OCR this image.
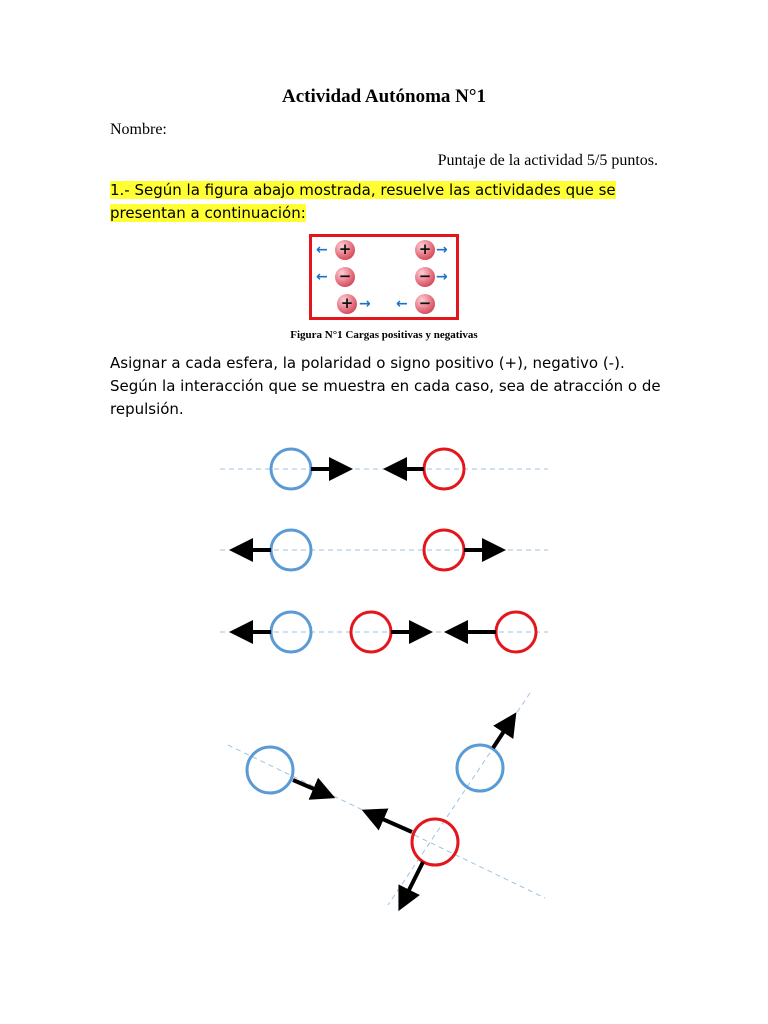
Actividad Autónoma N°1
Nombre:
Puntaje de la actividad 5/5 puntos.
1.- Según la figura abajo mostrada, resuelve las actividades que se presentan a continuación:
← +	+ →
← −	− →
+ → ← −
Figura N°1 Cargas positivas y negativas
Asignar a cada esfera, la polaridad o signo positivo (+), negativo (-). Según la interacción que se muestra en cada caso, sea de atracción o de repulsión.
